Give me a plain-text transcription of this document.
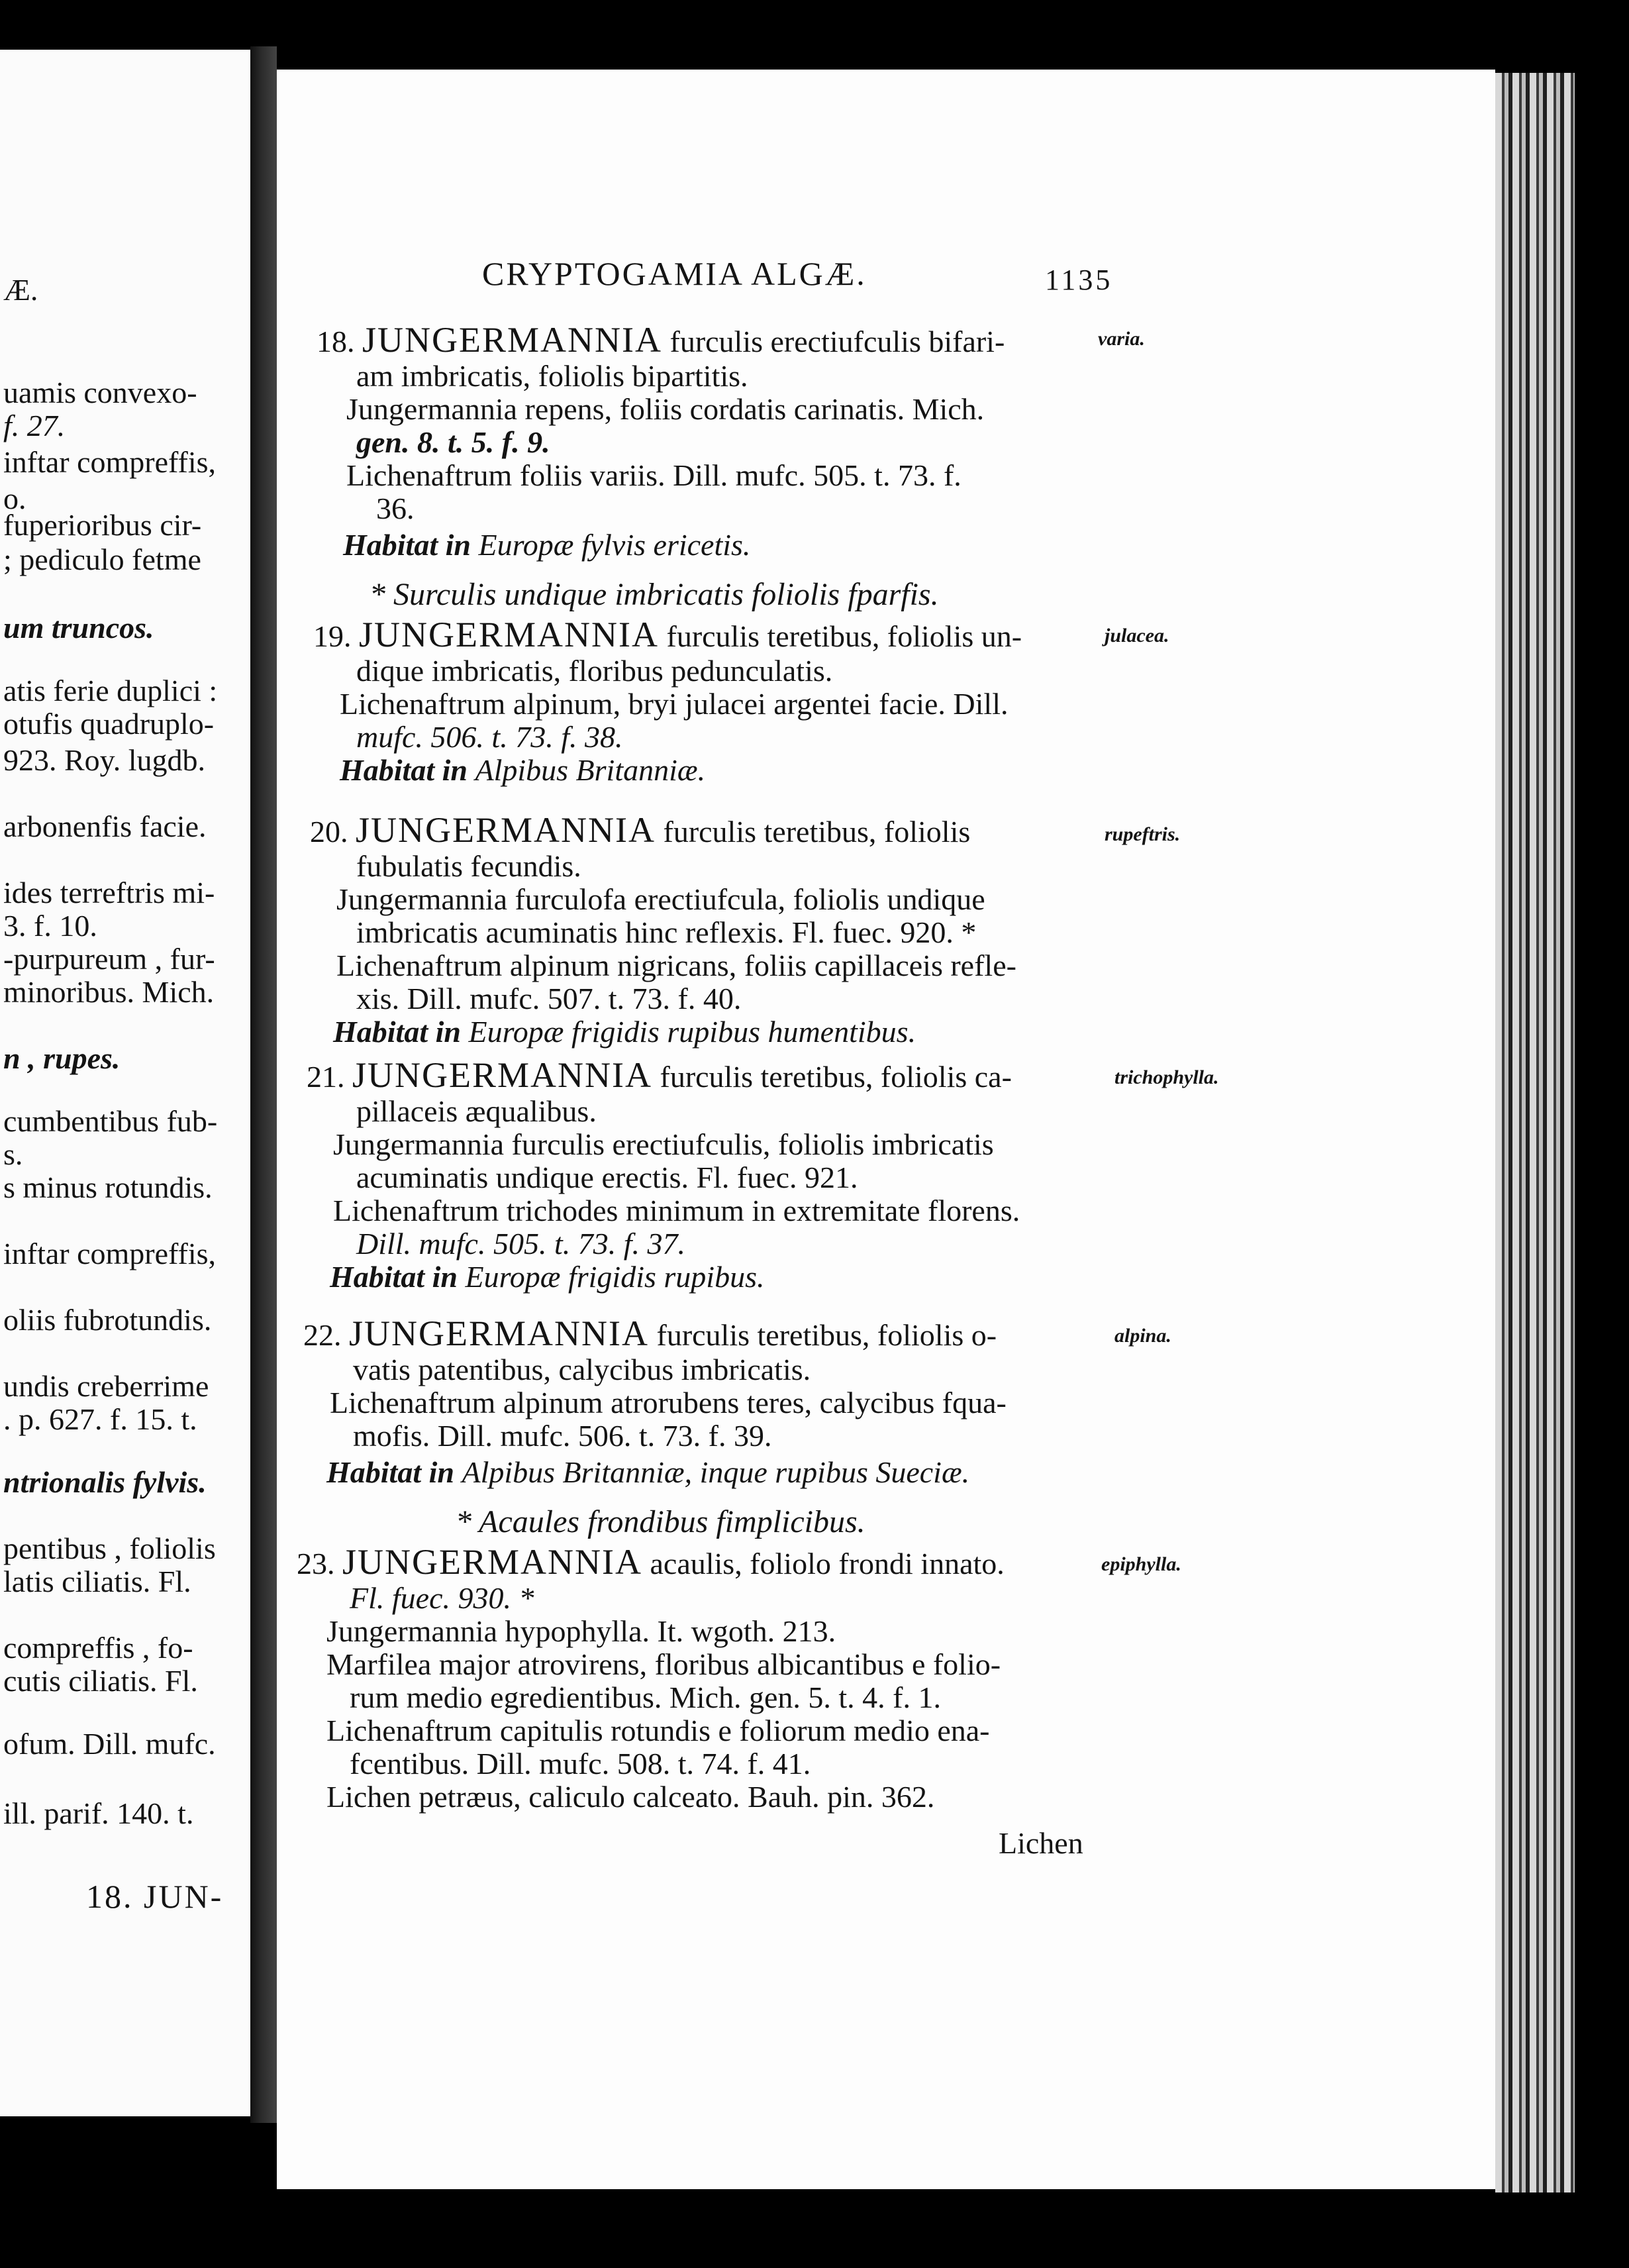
Æ.
uamis convexo-
f. 27.
inftar compreffis,
o.
fuperioribus cir-
; pediculo fetme
um truncos.
atis ferie duplici :
otufis quadruplo-
923. Roy. lugdb.
arbonenfis facie.
ides terreftris mi-
3. f. 10.
-purpureum , fur-
minoribus. Mich.
n , rupes.
cumbentibus fub-
s.
s minus rotundis.
inftar compreffis,
oliis fubrotundis.
undis creberrime
. p. 627. f. 15. t.
ntrionalis fylvis.
pentibus , foliolis
latis ciliatis. Fl.
compreffis , fo-
cutis ciliatis. Fl.
ofum. Dill. mufc.
ill. parif. 140. t.
18. JUN-
CRYPTOGAMIA ALGÆ.	1135
18. JUNGERMANNIA furculis erectiufculis bifari-	varia.
am imbricatis, foliolis bipartitis.
Jungermannia repens, foliis cordatis carinatis. Mich.
gen. 8. t. 5. f. 9.
Lichenaftrum foliis variis. Dill. mufc. 505. t. 73. f.
36.
Habitat in Europæ fylvis ericetis.
* Surculis undique imbricatis foliolis fparfis.
19. JUNGERMANNIA furculis teretibus, foliolis un-	julacea.
dique imbricatis, floribus pedunculatis.
Lichenaftrum alpinum, bryi julacei argentei facie. Dill.
mufc. 506. t. 73. f. 38.
Habitat in Alpibus Britanniæ.
20. JUNGERMANNIA furculis teretibus, foliolis	rupeftris.
fubulatis fecundis.
Jungermannia furculofa erectiufcula, foliolis undique
imbricatis acuminatis hinc reflexis. Fl. fuec. 920. *
Lichenaftrum alpinum nigricans, foliis capillaceis refle-
xis. Dill. mufc. 507. t. 73. f. 40.
Habitat in Europæ frigidis rupibus humentibus.
21. JUNGERMANNIA furculis teretibus, foliolis ca-	trichophylla.
pillaceis æqualibus.
Jungermannia furculis erectiufculis, foliolis imbricatis
acuminatis undique erectis. Fl. fuec. 921.
Lichenaftrum trichodes minimum in extremitate florens.
Dill. mufc. 505. t. 73. f. 37.
Habitat in Europæ frigidis rupibus.
22. JUNGERMANNIA furculis teretibus, foliolis o-	alpina.
vatis patentibus, calycibus imbricatis.
Lichenaftrum alpinum atrorubens teres, calycibus fqua-
mofis. Dill. mufc. 506. t. 73. f. 39.
Habitat in Alpibus Britanniæ, inque rupibus Sueciæ.
* Acaules frondibus fimplicibus.
23. JUNGERMANNIA acaulis, foliolo frondi innato.	epiphylla.
Fl. fuec. 930. *
Jungermannia hypophylla. It. wgoth. 213.
Marfilea major atrovirens, floribus albicantibus e folio-
rum medio egredientibus. Mich. gen. 5. t. 4. f. 1.
Lichenaftrum capitulis rotundis e foliorum medio ena-
fcentibus. Dill. mufc. 508. t. 74. f. 41.
Lichen petræus, caliculo calceato. Bauh. pin. 362.
Lichen
